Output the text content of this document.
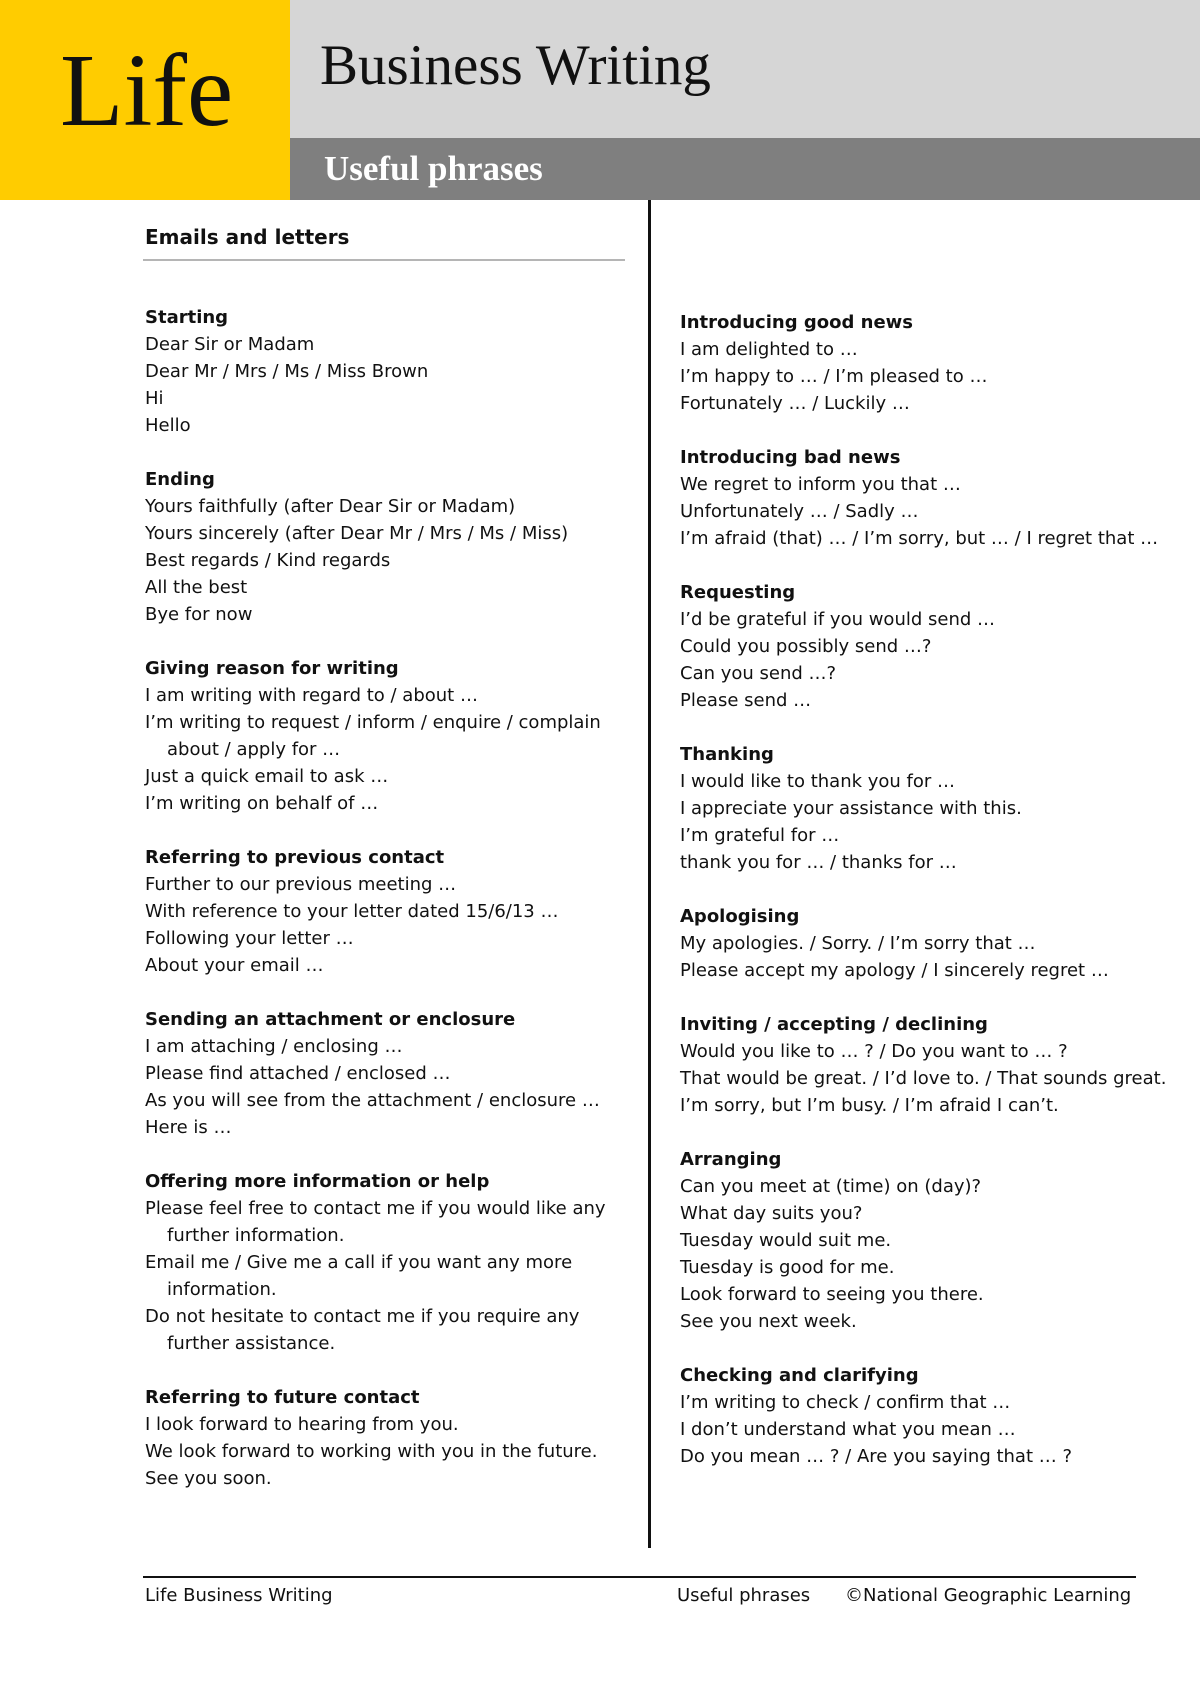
Life Business Writing
Useful phrases
Emails and letters
Starting
Dear Sir or Madam
Dear Mr / Mrs / Ms / Miss Brown
Hi
Hello
Ending
Yours faithfully (after Dear Sir or Madam)
Yours sincerely (after Dear Mr / Mrs / Ms / Miss)
Best regards / Kind regards
All the best
Bye for now
Giving reason for writing
I am writing with regard to / about …
I’m writing to request / inform / enquire / complain about / apply for …
Just a quick email to ask …
I’m writing on behalf of …
Referring to previous contact
Further to our previous meeting …
With reference to your letter dated 15/6/13 …
Following your letter …
About your email …
Sending an attachment or enclosure
I am attaching / enclosing …
Please find attached / enclosed …
As you will see from the attachment / enclosure …
Here is …
Offering more information or help
Please feel free to contact me if you would like any further information.
Email me / Give me a call if you want any more information.
Do not hesitate to contact me if you require any further assistance.
Referring to future contact
I look forward to hearing from you.
We look forward to working with you in the future.
See you soon.
Introducing good news
I am delighted to …
I’m happy to … / I’m pleased to …
Fortunately … / Luckily …
Introducing bad news
We regret to inform you that …
Unfortunately … / Sadly …
I’m afraid (that) … / I’m sorry, but … / I regret that …
Requesting
I’d be grateful if you would send …
Could you possibly send …?
Can you send …?
Please send …
Thanking
I would like to thank you for …
I appreciate your assistance with this.
I’m grateful for …
thank you for … / thanks for …
Apologising
My apologies. / Sorry. / I’m sorry that …
Please accept my apology / I sincerely regret …
Inviting / accepting / declining
Would you like to … ? / Do you want to … ?
That would be great. / I’d love to. / That sounds great.
I’m sorry, but I’m busy. / I’m afraid I can’t.
Arranging
Can you meet at (time) on (day)?
What day suits you?
Tuesday would suit me.
Tuesday is good for me.
Look forward to seeing you there.
See you next week.
Checking and clarifying
I’m writing to check / confirm that …
I don’t understand what you mean …
Do you mean … ? / Are you saying that … ?
Life Business Writing	Useful phrases ©National Geographic Learning
